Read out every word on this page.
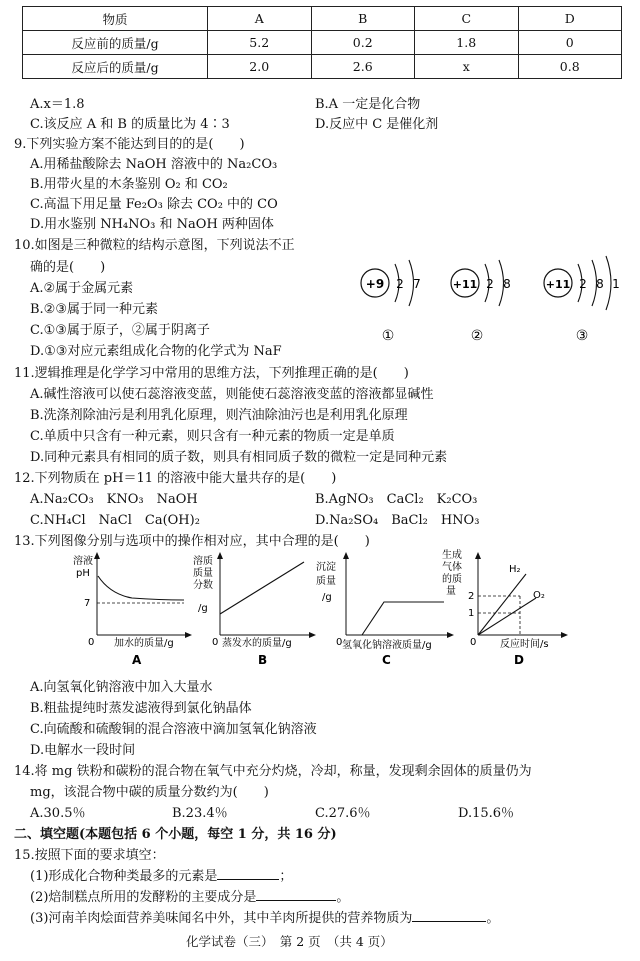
物质	A	B	C	D
反应前的质量/g	5.2	0.2	1.8	0
反应后的质量/g	2.0	2.6	x	0.8
A.x＝1.8	B.A 一定是化合物
C.该反应 A 和 B 的质量比为 4∶3	D.反应中 C 是催化剂
9.下列实验方案不能达到目的的是(　　)
A.用稀盐酸除去 NaOH 溶液中的 Na₂CO₃
B.用带火星的木条鉴别 O₂ 和 CO₂
C.高温下用足量 Fe₂O₃ 除去 CO₂ 中的 CO
D.用水鉴别 NH₄NO₃ 和 NaOH 两种固体
10.如图是三种微粒的结构示意图，下列说法不正
确的是(　　)
A.②属于金属元素
B.②③属于同一种元素
C.①③属于原子，②属于阴离子
D.①③对应元素组成化合物的化学式为 NaF
+9 2 7
①
+11 2 8
②
+11 2 8 1
③
11.逻辑推理是化学学习中常用的思维方法，下列推理正确的是(　　)
A.碱性溶液可以使石蕊溶液变蓝，则能使石蕊溶液变蓝的溶液都显碱性
B.洗涤剂除油污是利用乳化原理，则汽油除油污也是利用乳化原理
C.单质中只含有一种元素，则只含有一种元素的物质一定是单质
D.同种元素具有相同的质子数，则具有相同质子数的微粒一定是同种元素
12.下列物质在 pH＝11 的溶液中能大量共存的是(　　)
A.Na₂CO₃　KNO₃　NaOH	B.AgNO₃　CaCl₂　K₂CO₃
C.NH₄Cl　NaCl　Ca(OH)₂	D.Na₂SO₄　BaCl₂　HNO₃
13.下列图像分别与选项中的操作相对应，其中合理的是(　　)
溶液
pH
7
0 加水的质量/g
A
溶质
质量
分数
/g
0 蒸发水的质量/g
B
沉淀
质量
/g
0 氢氧化钠溶液质量/g
C
生成
气体
的质
量 2
1
H₂
O₂
0 反应时间/s
D
A.向氢氧化钠溶液中加入大量水
B.粗盐提纯时蒸发滤液得到氯化钠晶体
C.向硫酸和硫酸铜的混合溶液中滴加氢氧化钠溶液
D.电解水一段时间
14.将 mg 铁粉和碳粉的混合物在氧气中充分灼烧，冷却，称量，发现剩余固体的质量仍为
mg，该混合物中碳的质量分数约为(　　)
A.30.5％	B.23.4％	C.27.6％	D.15.6％
二、填空题(本题包括 6 个小题，每空 1 分，共 16 分)
15.按照下面的要求填空：
(1)形成化合物种类最多的元素是	；
(2)焙制糕点所用的发酵粉的主要成分是	。
(3)河南羊肉烩面营养美味闻名中外，其中羊肉所提供的营养物质为	。
化学试卷（三）　第 2 页　（共 4 页）
